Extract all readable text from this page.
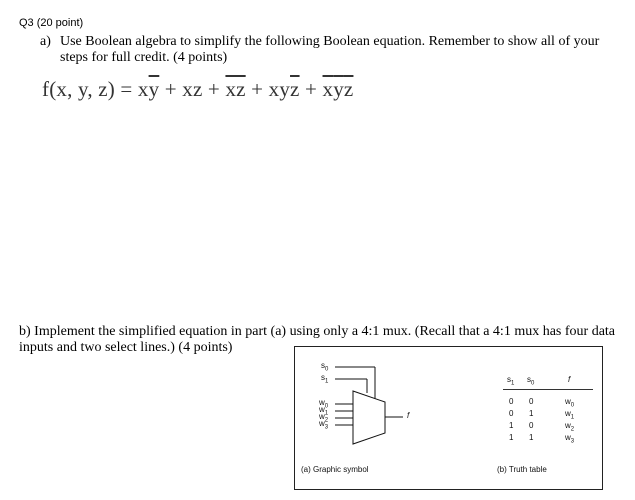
Q3 (20 point)
a) Use Boolean algebra to simplify the following Boolean equation. Remember to show all of your
steps for full credit. (4 points)
f(x, y, $z) = x\overline{y}$ + xz + $\overline{xz} + xy\overline{z} + \overline{x}\overline{y}\overline{z}$
b) Implement the simplified equation in part (a) using only a 4:1 mux. (Recall that a 4:1 mux has four data
inputs and two select lines.) (4 points)
$s_0$
$s_1$
$w_0$
$w_1$
$w_2$
$w_3$
f
(a) Graphic symbol
$s_1$ $s_0$	f
0 0	$w_0$
0 1	$w_1$
1 0	$w_2$
1 1	$w_3$
(b) Truth table
